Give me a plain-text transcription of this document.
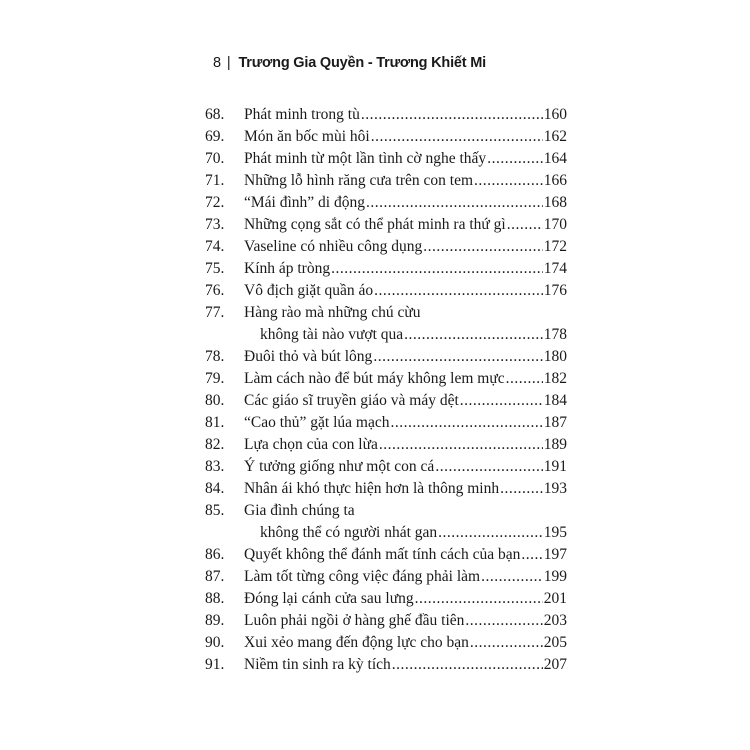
8 | Trương Gia Quyền - Trương Khiết Mi
68.	Phát minh trong tù .....	160
69.	Món ăn bốc mùi hôi .....	162
70.	Phát minh từ một lần tình cờ nghe thấy .....	164
71.	Những lỗ hình răng cưa trên con tem .....	166
72.	“Mái đình” di động .....	168
73.	Những cọng sắt có thể phát minh ra thứ gì ..... 170
74.	Vaseline có nhiều công dụng .....	172
75.	Kính áp tròng .....	174
76.	Vô địch giặt quần áo .....	176
77.	Hàng rào mà những chú cừu
không tài nào vượt qua .....	178
78.	Đuôi thỏ và bút lông .....	180
79.	Làm cách nào để bút máy không lem mực .....	182
80.	Các giáo sĩ truyền giáo và máy dệt .....	184
81.	“Cao thủ” gặt lúa mạch .....	187
82.	Lựa chọn của con lừa .....	189
83.	Ý tưởng giống như một con cá .....	191
84.	Nhân ái khó thực hiện hơn là thông minh .....	193
85.	Gia đình chúng ta
không thể có người nhát gan .....	195
86.	Quyết không thể đánh mất tính cách của bạn ..... 197
87.	Làm tốt từng công việc đáng phải làm .....	199
88.	Đóng lại cánh cửa sau lưng .....	201
89.	Luôn phải ngồi ở hàng ghế đầu tiên .....	203
90.	Xui xẻo mang đến động lực cho bạn .....	205
91.	Niềm tin sinh ra kỳ tích .....	207
